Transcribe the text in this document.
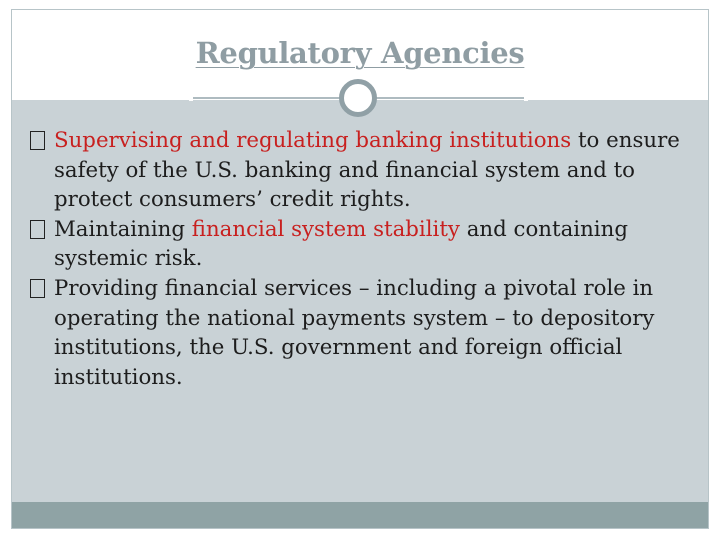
Regulatory Agencies
Supervising and regulating banking institutions to ensure safety of the U.S. banking and financial system and to protect consumers’ credit rights.
Maintaining financial system stability and containing systemic risk.
Providing financial services – including a pivotal role in operating the national payments system – to depository institutions, the U.S. government and foreign official institutions.
